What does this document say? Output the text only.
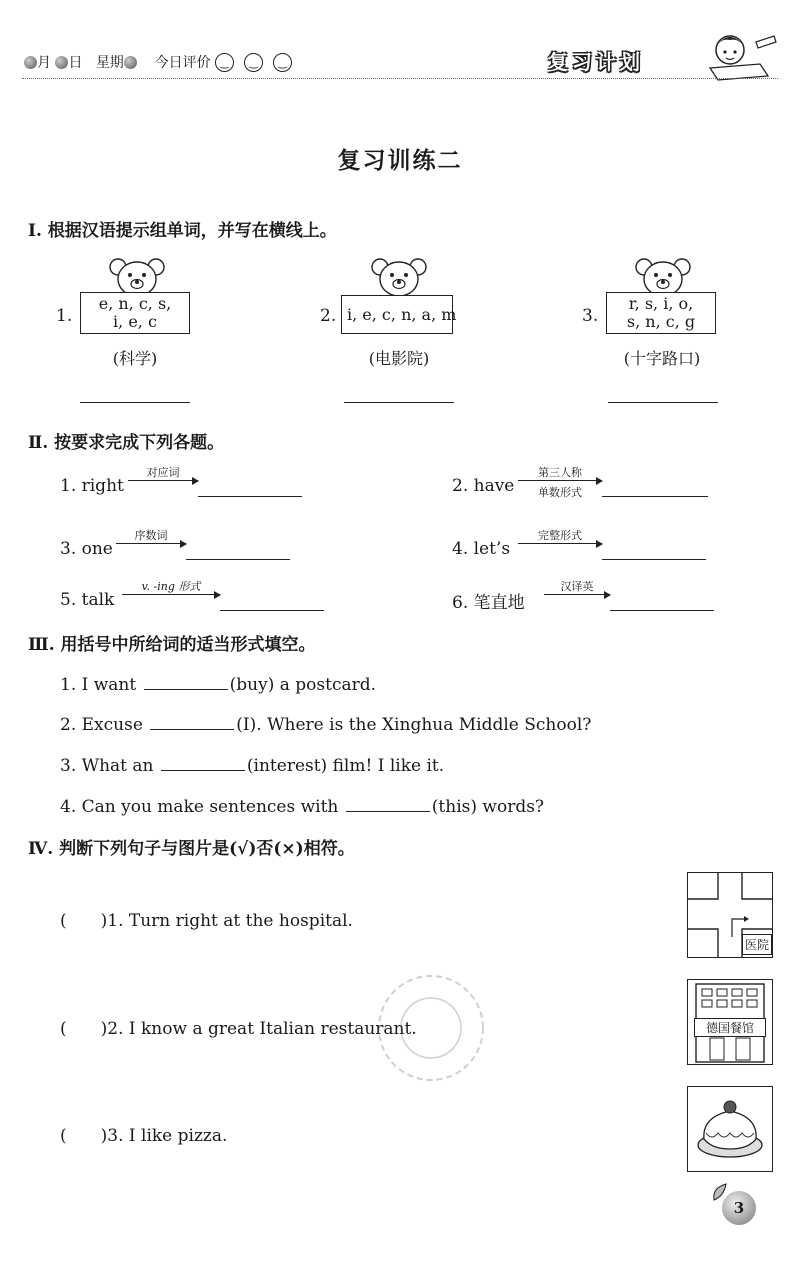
月 日 星期 今日评价 ‿ ‿ ‿	复习计划
复习训练二
Ⅰ. 根据汉语提示组单词，并写在横线上。
1.
e, n, c, s,
i, e, c
(科学)
2. i, e, c, n, a, m
(电影院)
3.
r, s, i, o,
s, n, c, g
(十字路口)
Ⅱ. 按要求完成下列各题。
1. right
对应词
2. have
第三人称
单数形式
3. one
序数词
4. let’s
完整形式
5. talk
v. -ing 形式
6. 笔直地
汉译英
Ⅲ. 用括号中所给词的适当形式填空。
1. I want	(buy) a postcard.
2. Excuse	(I). Where is the Xinghua Middle School?
3. What an	(interest) film! I like it.
4. Can you make sentences with	(this) words?
Ⅳ. 判断下列句子与图片是(√)否(×)相符。
(　　)1. Turn right at the hospital.
(　　)2. I know a great Italian restaurant.
(　　)3. I like pizza.
医院
德国餐馆
3
